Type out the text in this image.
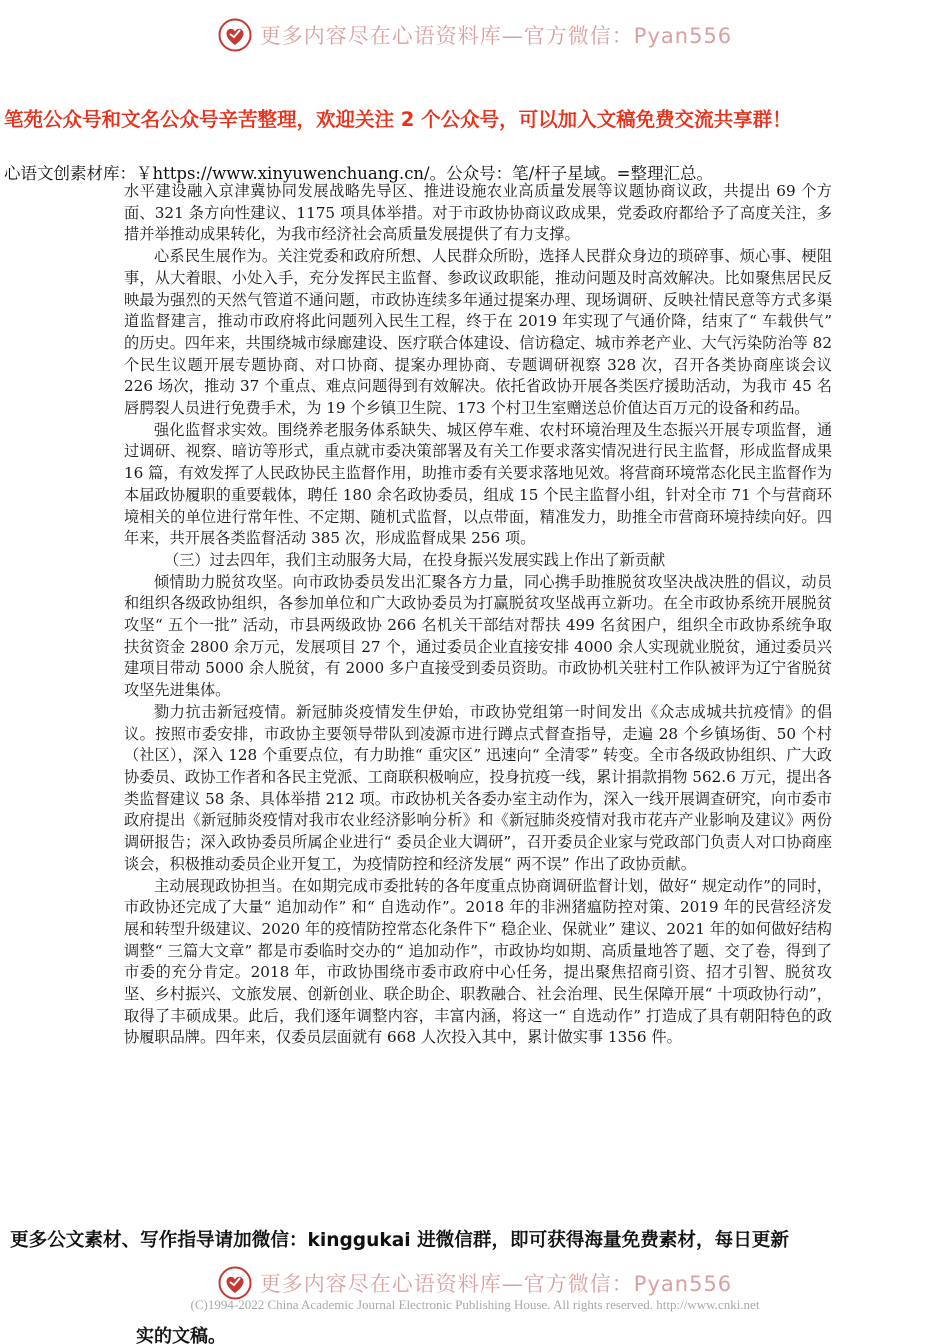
更多内容尽在心语资料库—官方微信：Pyan556
笔苑公众号和文名公众号辛苦整理，欢迎关注 2 个公众号，可以加入文稿免费交流共享群！
心语文创素材库：￥https://www.xinyuwenchuang.cn/。公众号：笔/杆子星域。=整理汇总。

水平建设融入京津冀协同发展战略先导区、推进设施农业高质量发展等议题协商议政，共提出 69 个方面、321 条方向性建议、1175 项具体举措。对于市政协协商议政成果，党委政府都给予了高度关注，多措并举推动成果转化，为我市经济社会高质量发展提供了有力支撑。

心系民生展作为。关注党委和政府所想、人民群众所盼，选择人民群众身边的琐碎事、烦心事、梗阻事，从大着眼、小处入手，充分发挥民主监督、参政议政职能，推动问题及时高效解决。比如聚焦居民反映最为强烈的天然气管道不通问题，市政协连续多年通过提案办理、现场调研、反映社情民意等方式多渠道监督建言，推动市政府将此问题列入民生工程，终于在 2019 年实现了气通价降，结束了“ 车载供气” 的历史。四年来，共围绕城市绿廊建设、医疗联合体建设、信访稳定、城市养老产业、大气污染防治等 82 个民生议题开展专题协商、对口协商、提案办理协商、专题调研视察 328 次，召开各类协商座谈会议 226 场次，推动 37 个重点、难点问题得到有效解决。依托省政协开展各类医疗援助活动，为我市 45 名唇腭裂人员进行免费手术，为 19 个乡镇卫生院、173 个村卫生室赠送总价值达百万元的设备和药品。

强化监督求实效。围绕养老服务体系缺失、城区停车难、农村环境治理及生态振兴开展专项监督，通过调研、视察、暗访等形式，重点就市委决策部署及有关工作要求落实情况进行民主监督，形成监督成果 16 篇，有效发挥了人民政协民主监督作用，助推市委有关要求落地见效。将营商环境常态化民主监督作为本届政协履职的重要载体，聘任 180 余名政协委员，组成 15 个民主监督小组，针对全市 71 个与营商环境相关的单位进行常年性、不定期、随机式监督，以点带面，精准发力，助推全市营商环境持续向好。四年来，共开展各类监督活动 385 次，形成监督成果 256 项。

（三）过去四年，我们主动服务大局，在投身振兴发展实践上作出了新贡献

倾情助力脱贫攻坚。向市政协委员发出汇聚各方力量，同心携手助推脱贫攻坚决战决胜的倡议，动员和组织各级政协组织，各参加单位和广大政协委员为打赢脱贫攻坚战再立新功。在全市政协系统开展脱贫攻坚“ 五个一批” 活动，市县两级政协 266 名机关干部结对帮扶 499 名贫困户，组织全市政协系统争取扶贫资金 2800 余万元，发展项目 27 个，通过委员企业直接安排 4000 余人实现就业脱贫，通过委员兴建项目带动 5000 余人脱贫，有 2000 多户直接受到委员资助。市政协机关驻村工作队被评为辽宁省脱贫攻坚先进集体。

勠力抗击新冠疫情。新冠肺炎疫情发生伊始，市政协党组第一时间发出《众志成城共抗疫情》的倡议。按照市委安排，市政协主要领导带队到凌源市进行蹲点式督查指导，走遍 28 个乡镇场街、50 个村（社区），深入 128 个重要点位，有力助推“ 重灾区” 迅速向“ 全清零” 转变。全市各级政协组织、广大政协委员、政协工作者和各民主党派、工商联积极响应，投身抗疫一线，累计捐款捐物 562.6 万元，提出各类监督建议 58 条、具体举措 212 项。市政协机关各委办室主动作为，深入一线开展调查研究，向市委市政府提出《新冠肺炎疫情对我市农业经济影响分析》和《新冠肺炎疫情对我市花卉产业影响及建议》两份调研报告；深入政协委员所属企业进行“ 委员企业大调研”，召开委员企业家与党政部门负责人对口协商座谈会，积极推动委员企业开复工，为疫情防控和经济发展“ 两不误” 作出了政协贡献。

主动展现政协担当。在如期完成市委批转的各年度重点协商调研监督计划，做好“ 规定动作”的同时，市政协还完成了大量“ 追加动作” 和“ 自选动作”。2018 年的非洲猪瘟防控对策、2019 年的民营经济发展和转型升级建议、2020 年的疫情防控常态化条件下“ 稳企业、保就业” 建议、2021 年的如何做好结构调整“ 三篇大文章” 都是市委临时交办的“ 追加动作”，市政协均如期、高质量地答了题、交了卷，得到了市委的充分肯定。2018 年，市政协围绕市委市政府中心任务，提出聚焦招商引资、招才引智、脱贫攻坚、乡村振兴、文旅发展、创新创业、联企助企、职教融合、社会治理、民生保障开展“ 十项政协行动”，取得了丰硕成果。此后，我们逐年调整内容，丰富内涵，将这一“ 自选动作” 打造成了具有朝阳特色的政协履职品牌。四年来，仅委员层面就有 668 人次投入其中，累计做实事 1356 件。

更多公文素材、写作指导请加微信：kinggukai 进微信群，即可获得海量免费素材，每日更新
更多内容尽在心语资料库—官方微信：Pyan556
(C)1994-2022 China Academic Journal Electronic Publishing House. All rights reserved. http://www.cnki.net
实的文稿。
